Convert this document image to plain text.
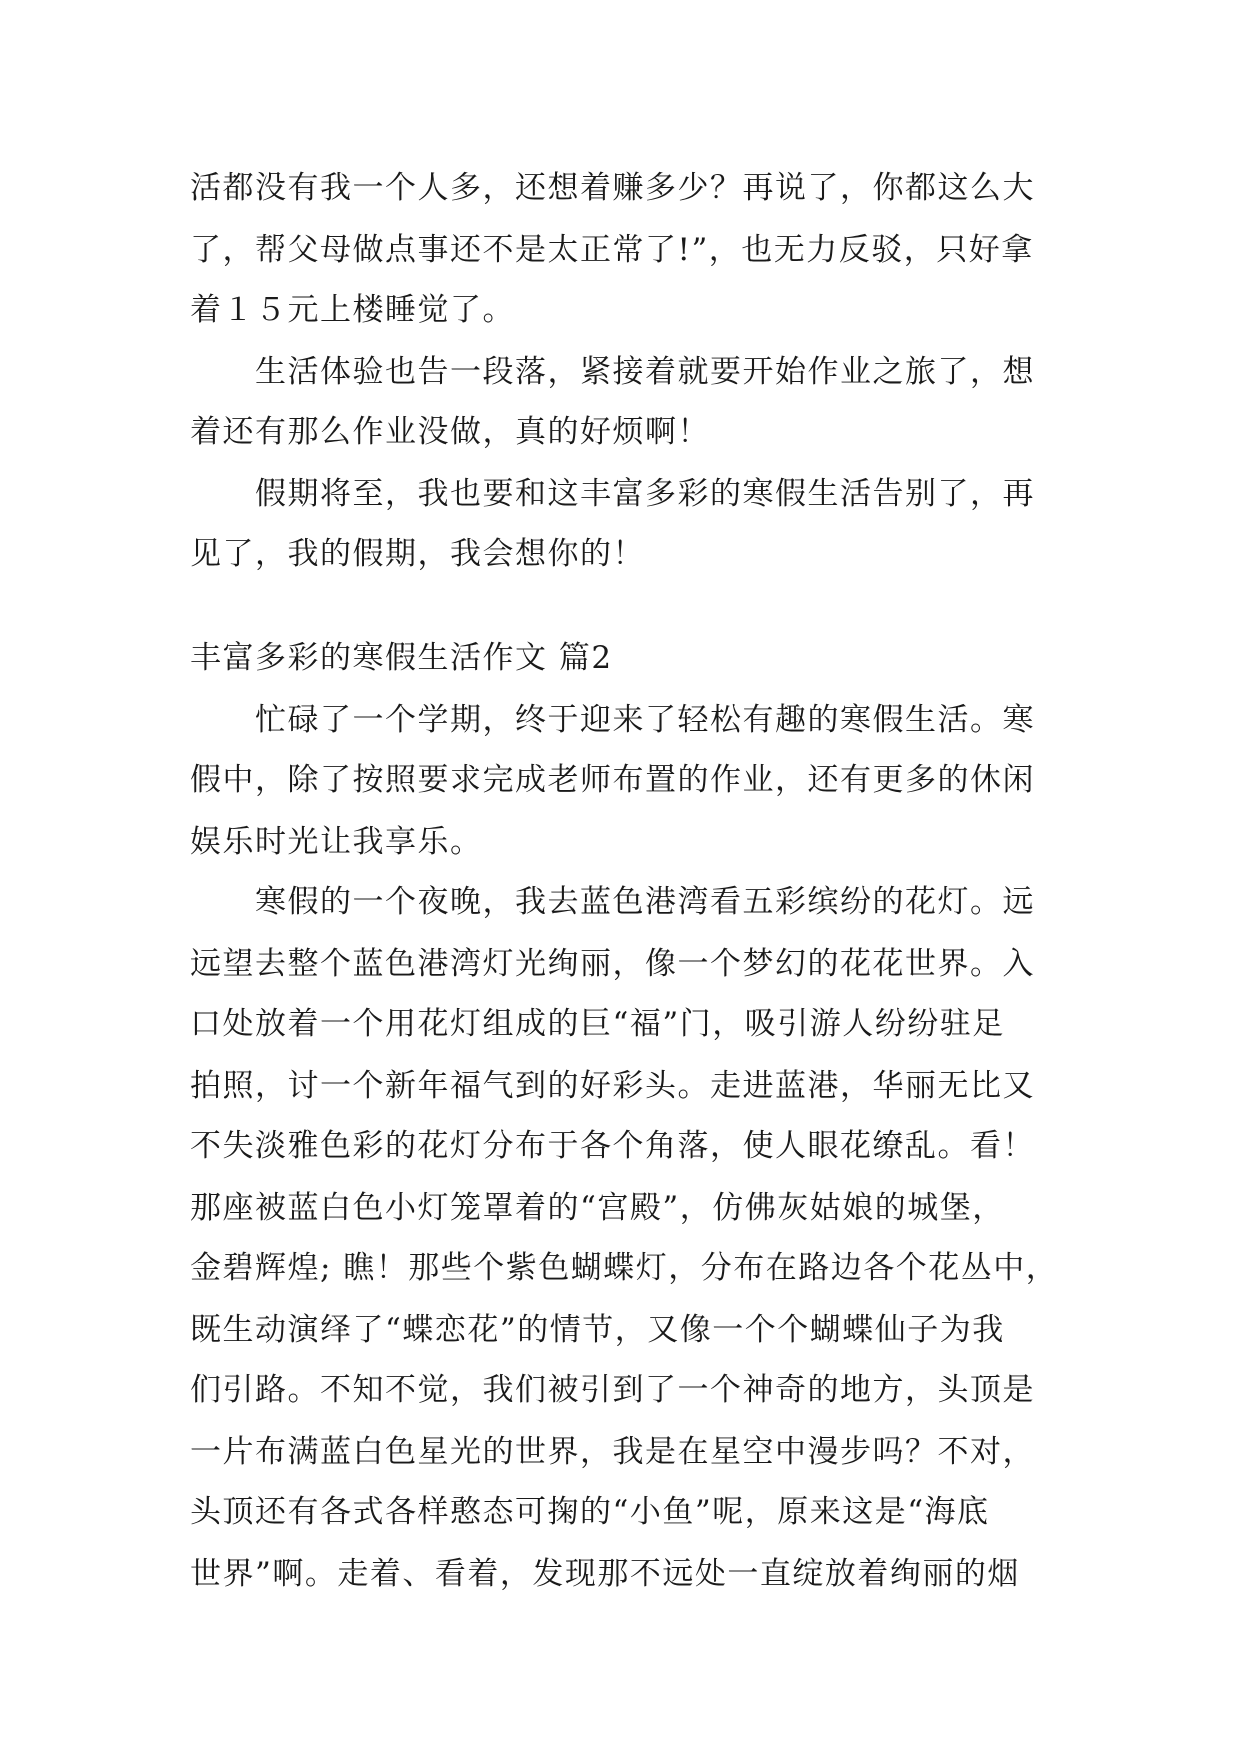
活都没有我一个人多，还想着赚多少？再说了，你都这么大
了，帮父母做点事还不是太正常了!”，也无力反驳，只好拿
着１５元上楼睡觉了。
　　生活体验也告一段落，紧接着就要开始作业之旅了，想
着还有那么作业没做，真的好烦啊！
　　假期将至，我也要和这丰富多彩的寒假生活告别了，再
见了，我的假期，我会想你的！
丰富多彩的寒假生活作文 篇2
　　忙碌了一个学期，终于迎来了轻松有趣的寒假生活。寒
假中，除了按照要求完成老师布置的作业，还有更多的休闲
娱乐时光让我享乐。
　　寒假的一个夜晚，我去蓝色港湾看五彩缤纷的花灯。远
远望去整个蓝色港湾灯光绚丽，像一个梦幻的花花世界。入
口处放着一个用花灯组成的巨“福”门，吸引游人纷纷驻足
拍照，讨一个新年福气到的好彩头。走进蓝港，华丽无比又
不失淡雅色彩的花灯分布于各个角落，使人眼花缭乱。看！
那座被蓝白色小灯笼罩着的“宫殿”，仿佛灰姑娘的城堡，
金碧辉煌; 瞧！那些个紫色蝴蝶灯，分布在路边各个花丛中，
既生动演绎了“蝶恋花”的情节，又像一个个蝴蝶仙子为我
们引路。不知不觉，我们被引到了一个神奇的地方，头顶是
一片布满蓝白色星光的世界，我是在星空中漫步吗？不对，
头顶还有各式各样憨态可掬的“小鱼”呢，原来这是“海底
世界”啊。走着、看着，发现那不远处一直绽放着绚丽的烟
